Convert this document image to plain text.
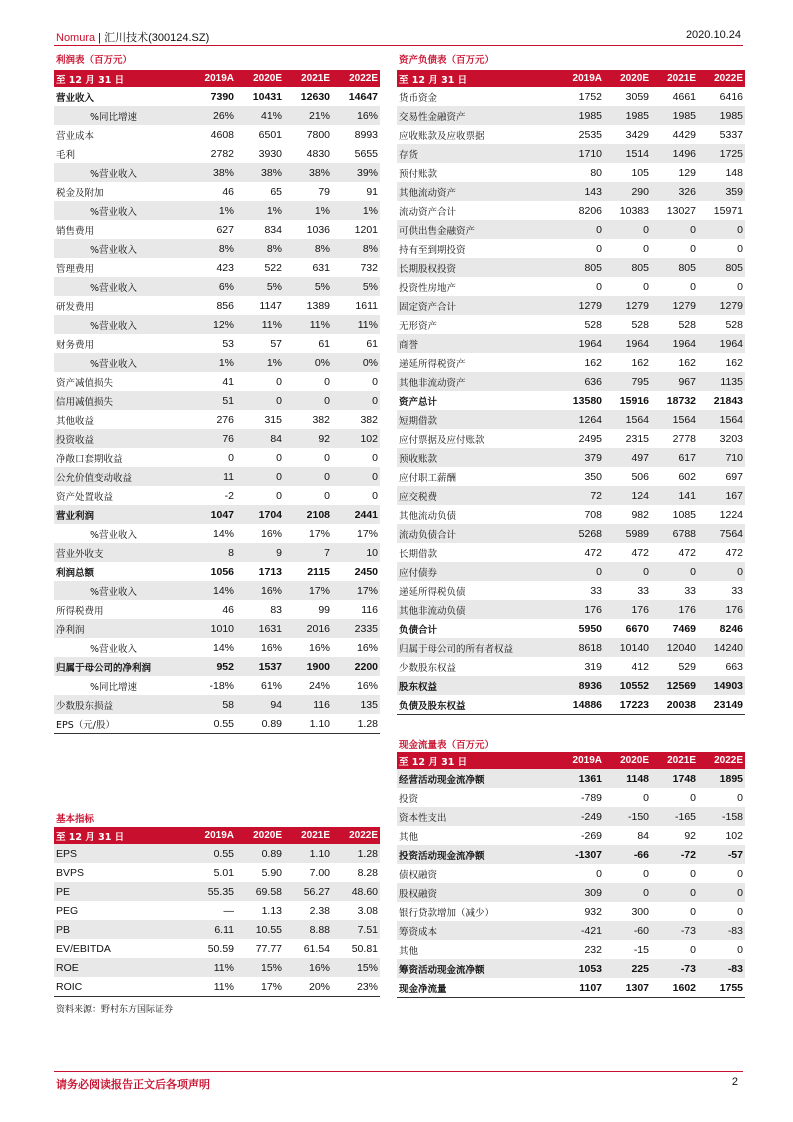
Nomura | 汇川技术(300124.SZ)	2020.10.24
利润表（百万元）
至 12 月 31 日	2019A	2020E	2021E	2022E
营业收入	7390	10431	12630	14647
%同比增速	26%	41%	21%	16%
营业成本	4608	6501	7800	8993
毛利	2782	3930	4830	5655
%营业收入	38%	38%	38%	39%
税金及附加	46	65	79	91
%营业收入	1%	1%	1%	1%
销售费用	627	834	1036	1201
%营业收入	8%	8%	8%	8%
管理费用	423	522	631	732
%营业收入	6%	5%	5%	5%
研发费用	856	1147	1389	1611
%营业收入	12%	11%	11%	11%
财务费用	53	57	61	61
%营业收入	1%	1%	0%	0%
资产减值损失	41	0	0	0
信用减值损失	51	0	0	0
其他收益	276	315	382	382
投资收益	76	84	92	102
净敞口套期收益	0	0	0	0
公允价值变动收益	11	0	0	0
资产处置收益	-2	0	0	0
营业利润	1047	1704	2108	2441
%营业收入	14%	16%	17%	17%
营业外收支	8	9	7	10
利润总额	1056	1713	2115	2450
%营业收入	14%	16%	17%	17%
所得税费用	46	83	99	116
净利润	1010	1631	2016	2335
%营业收入	14%	16%	16%	16%
归属于母公司的净利润	952	1537	1900	2200
%同比增速	-18%	61%	24%	16%
少数股东损益	58	94	116	135
EPS（元/股）	0.55	0.89	1.10	1.28
资产负债表（百万元）
至 12 月 31 日	2019A	2020E	2021E	2022E
货币资金	1752	3059	4661	6416
交易性金融资产	1985	1985	1985	1985
应收账款及应收票据	2535	3429	4429	5337
存货	1710	1514	1496	1725
预付账款	80	105	129	148
其他流动资产	143	290	326	359
流动资产合计	8206	10383	13027	15971
可供出售金融资产	0	0	0	0
持有至到期投资	0	0	0	0
长期股权投资	805	805	805	805
投资性房地产	0	0	0	0
固定资产合计	1279	1279	1279	1279
无形资产	528	528	528	528
商誉	1964	1964	1964	1964
递延所得税资产	162	162	162	162
其他非流动资产	636	795	967	1135
资产总计	13580	15916	18732	21843
短期借款	1264	1564	1564	1564
应付票据及应付账款	2495	2315	2778	3203
预收账款	379	497	617	710
应付职工薪酬	350	506	602	697
应交税费	72	124	141	167
其他流动负债	708	982	1085	1224
流动负债合计	5268	5989	6788	7564
长期借款	472	472	472	472
应付债券	0	0	0	0
递延所得税负债	33	33	33	33
其他非流动负债	176	176	176	176
负债合计	5950	6670	7469	8246
归属于母公司的所有者权益	8618	10140	12040	14240
少数股东权益	319	412	529	663
股东权益	8936	10552	12569	14903
负债及股东权益	14886	17223	20038	23149
现金流量表（百万元）
至 12 月 31 日	2019A	2020E	2021E	2022E
经营活动现金流净额	1361	1148	1748	1895
投资	-789	0	0	0
资本性支出	-249	-150	-165	-158
其他	-269	84	92	102
投资活动现金流净额	-1307	-66	-72	-57
债权融资	0	0	0	0
股权融资	309	0	0	0
银行贷款增加（减少）	932	300	0	0
筹资成本	-421	-60	-73	-83
其他	232	-15	0	0
筹资活动现金流净额	1053	225	-73	-83
现金净流量	1107	1307	1602	1755
基本指标
至 12 月 31 日	2019A	2020E	2021E	2022E
EPS	0.55	0.89	1.10	1.28
BVPS	5.01	5.90	7.00	8.28
PE	55.35	69.58	56.27	48.60
PEG	—	1.13	2.38	3.08
PB	6.11	10.55	8.88	7.51
EV/EBITDA	50.59	77.77	61.54	50.81
ROE	11%	15%	16%	15%
ROIC	11%	17%	20%	23%
资料来源：野村东方国际证券
请务必阅读报告正文后各项声明	2
